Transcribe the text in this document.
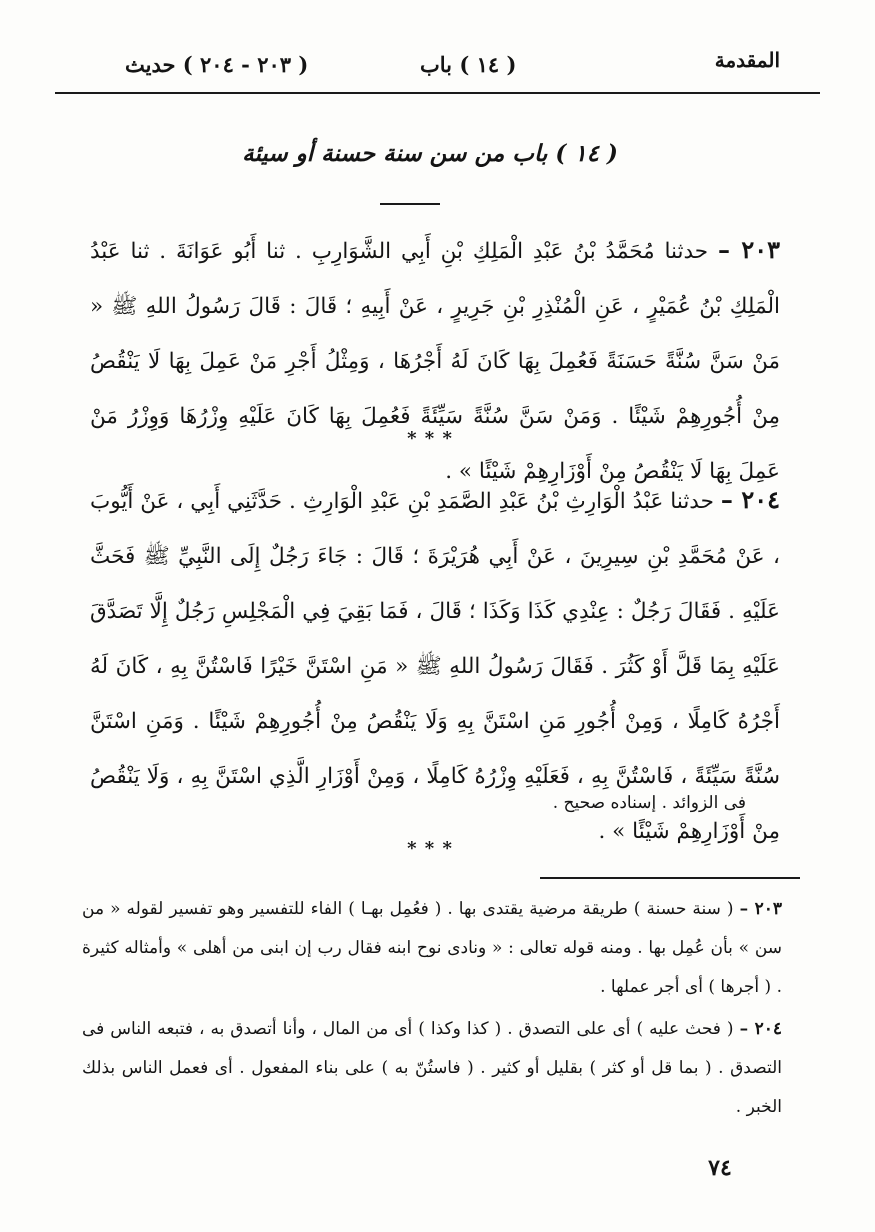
المقدمة
( ١٤ ) باب
( ٢٠٣ - ٢٠٤ ) حديث
( ١٤ ) باب من سن سنة حسنة أو سيئة
٢٠٣ – حدثنا مُحَمَّدُ بْنُ عَبْدِ الْمَلِكِ بْنِ أَبِي الشَّوَارِبِ . ثنا أَبُو عَوَانَةَ . ثنا عَبْدُ الْمَلِكِ بْنُ عُمَيْرٍ ، عَنِ الْمُنْذِرِ بْنِ جَرِيرٍ ، عَنْ أَبِيهِ ؛ قَالَ : قَالَ رَسُولُ اللهِ ﷺ « مَنْ سَنَّ سُنَّةً حَسَنَةً فَعُمِلَ بِهَا كَانَ لَهُ أَجْرُهَا ، وَمِثْلُ أَجْرِ مَنْ عَمِلَ بِهَا لَا يَنْقُصُ مِنْ أُجُورِهِمْ شَيْئًا . وَمَنْ سَنَّ سُنَّةً سَيِّئَةً فَعُمِلَ بِهَا كَانَ عَلَيْهِ وِزْرُهَا وَوِزْرُ مَنْ عَمِلَ بِهَا لَا يَنْقُصُ مِنْ أَوْزَارِهِمْ شَيْئًا » .
* * *
٢٠٤ – حدثنا عَبْدُ الْوَارِثِ بْنُ عَبْدِ الصَّمَدِ بْنِ عَبْدِ الْوَارِثِ . حَدَّثَنِي أَبِي ، عَنْ أَيُّوبَ ، عَنْ مُحَمَّدِ بْنِ سِيرِينَ ، عَنْ أَبِي هُرَيْرَةَ ؛ قَالَ : جَاءَ رَجُلٌ إِلَى النَّبِيِّ ﷺ فَحَثَّ عَلَيْهِ . فَقَالَ رَجُلٌ : عِنْدِي كَذَا وَكَذَا ؛ قَالَ ، فَمَا بَقِيَ فِي الْمَجْلِسِ رَجُلٌ إِلَّا تَصَدَّقَ عَلَيْهِ بِمَا قَلَّ أَوْ كَثُرَ . فَقَالَ رَسُولُ اللهِ ﷺ « مَنِ اسْتَنَّ خَيْرًا فَاسْتُنَّ بِهِ ، كَانَ لَهُ أَجْرُهُ كَامِلًا ، وَمِنْ أُجُورِ مَنِ اسْتَنَّ بِهِ وَلَا يَنْقُصُ مِنْ أُجُورِهِمْ شَيْئًا . وَمَنِ اسْتَنَّ سُنَّةً سَيِّئَةً ، فَاسْتُنَّ بِهِ ، فَعَلَيْهِ وِزْرُهُ كَامِلًا ، وَمِنْ أَوْزَارِ الَّذِي اسْتَنَّ بِهِ ، وَلَا يَنْقُصُ مِنْ أَوْزَارِهِمْ شَيْئًا » .
فى الزوائد . إسناده صحيح .
* * *
٢٠٣ – ( سنة حسنة ) طريقة مرضية يقتدى بها . ( فعُمِل بهـا ) الفاء للتفسير وهو تفسير لقوله « من سن » بأن عُمِل بها . ومنه قوله تعالى : « ونادى نوح ابنه فقال رب إن ابنى من أهلى » وأمثاله كثيرة . ( أجرها ) أى أجر عملها .
٢٠٤ – ( فحث عليه ) أى على التصدق . ( كذا وكذا ) أى من المال ، وأنا أتصدق به ، فتبعه الناس فى التصدق . ( بما قل أو كثر ) بقليل أو كثير . ( فاستُنّ به ) على بناء المفعول . أى فعمل الناس بذلك الخبر .
٧٤
